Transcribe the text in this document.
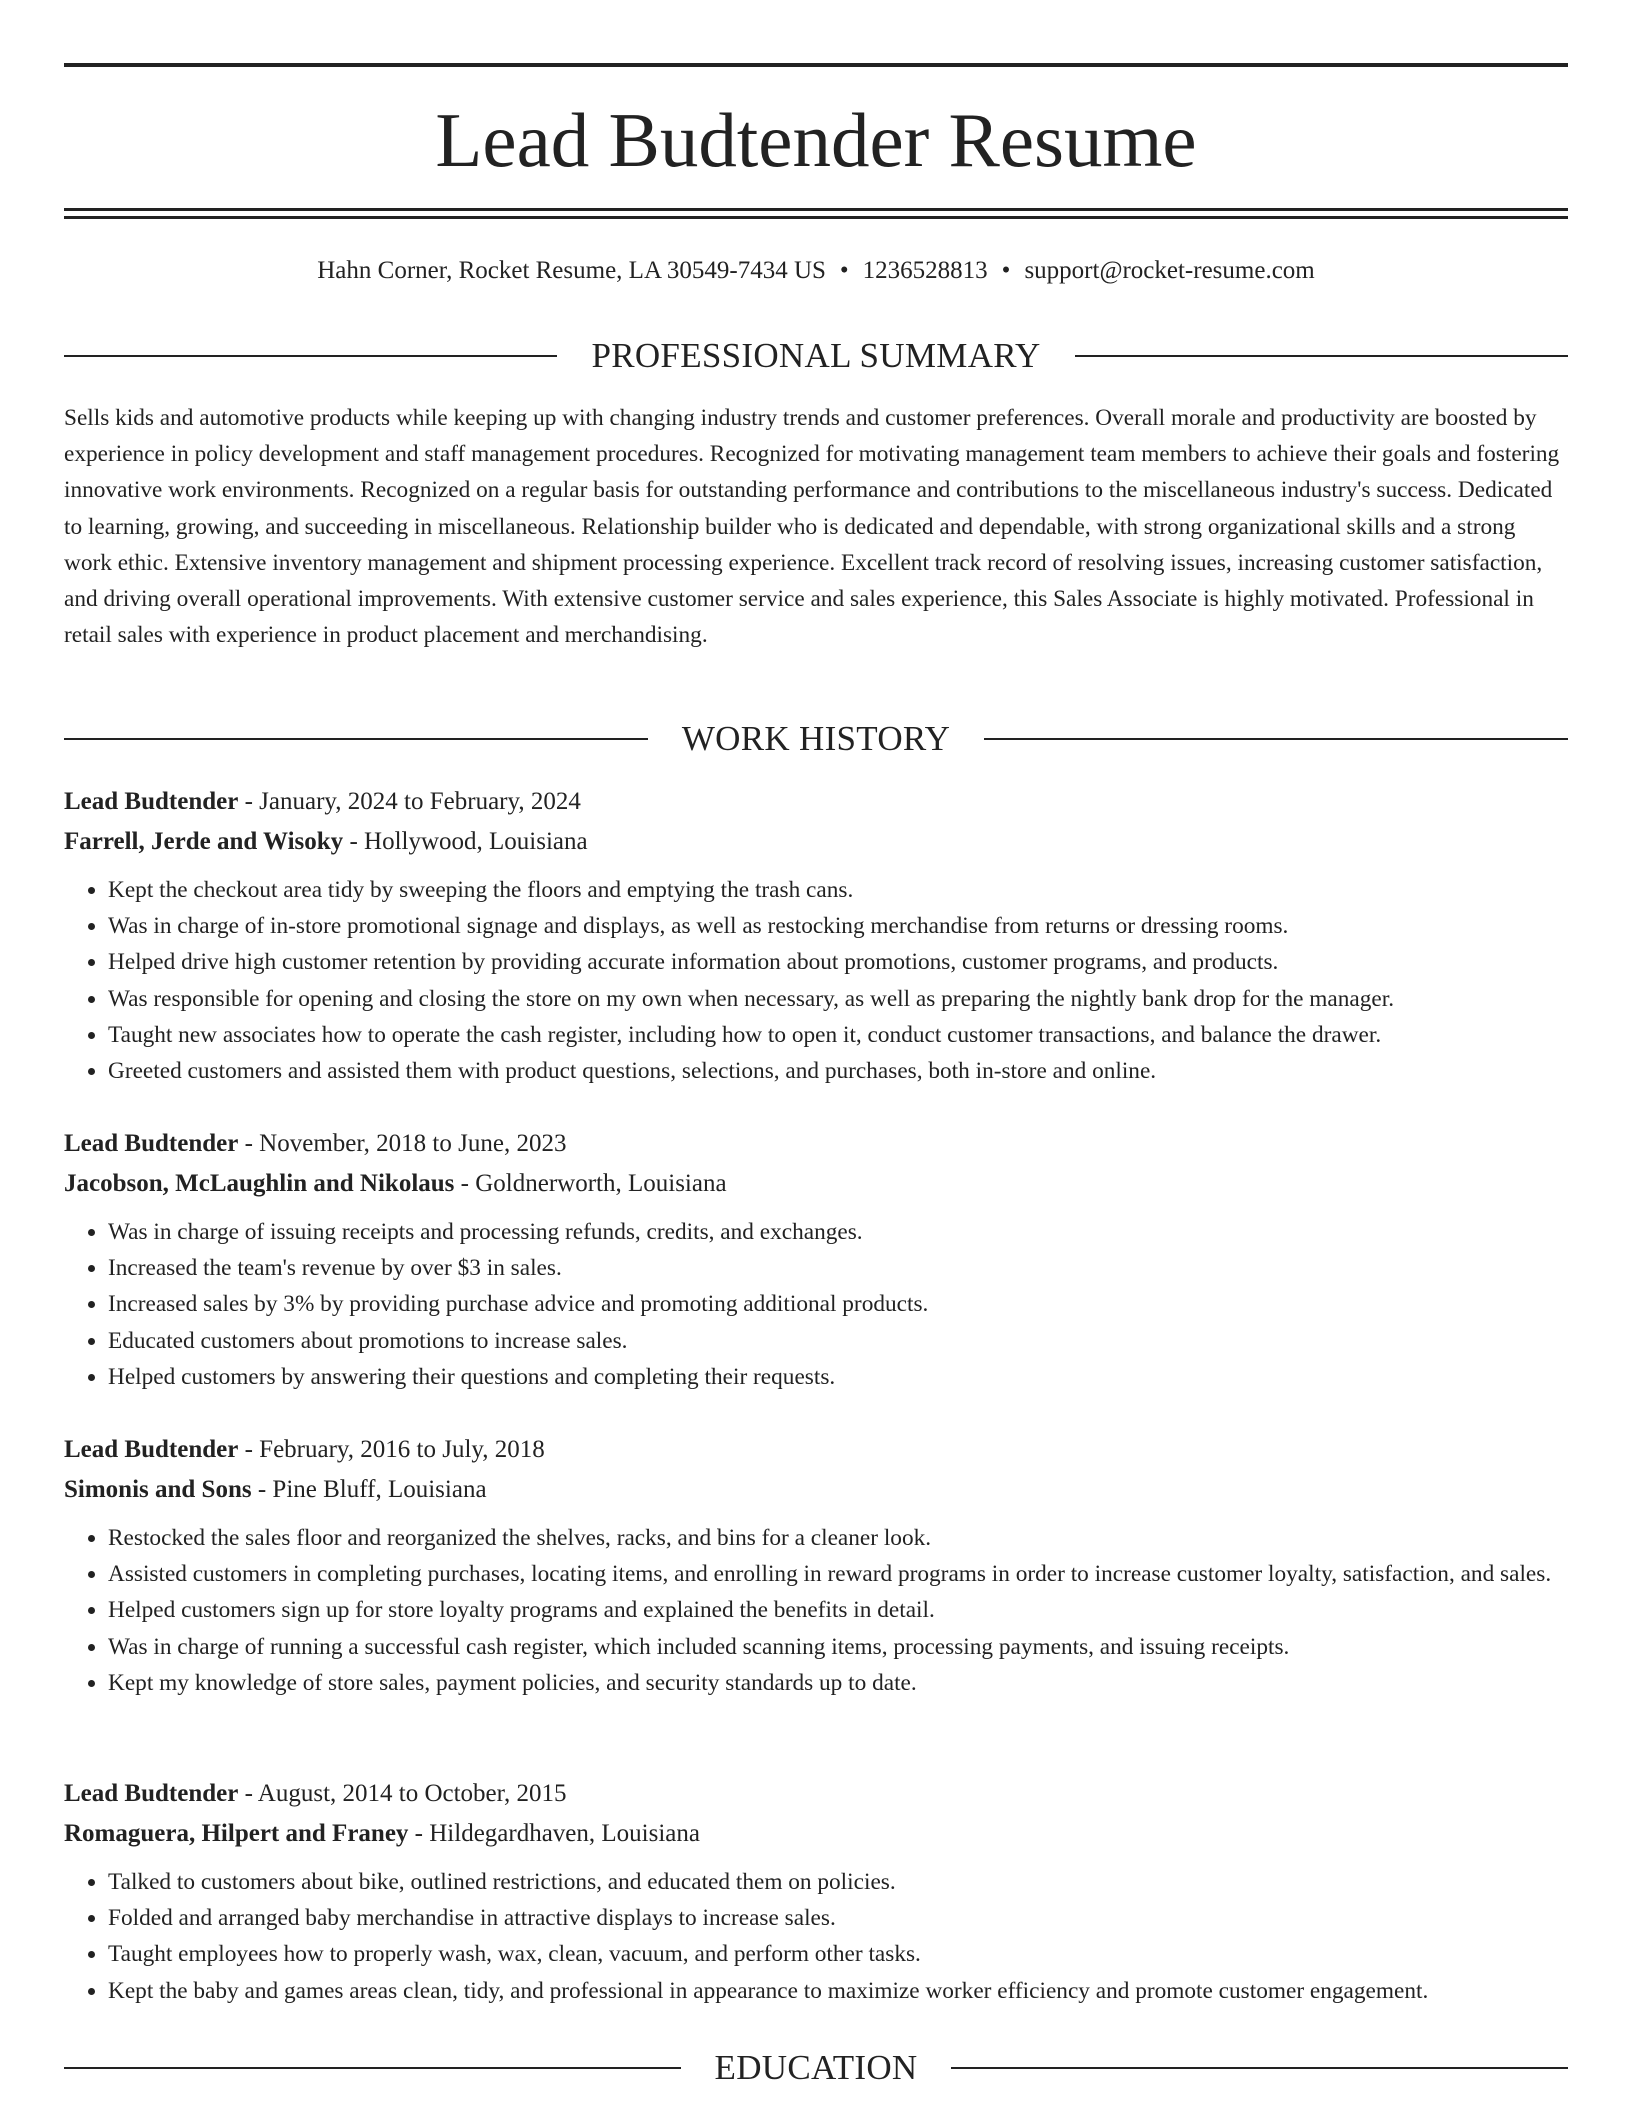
Lead Budtender Resume
Hahn Corner, Rocket Resume, LA 30549-7434 US • 1236528813 • support@rocket-resume.com
PROFESSIONAL SUMMARY

Sells kids and automotive products while keeping up with changing industry trends and customer preferences. Overall morale and productivity are boosted by experience in policy development and staff management procedures. Recognized for motivating management team members to achieve their goals and fostering innovative work environments. Recognized on a regular basis for outstanding performance and contributions to the miscellaneous industry's success. Dedicated to learning, growing, and succeeding in miscellaneous. Relationship builder who is dedicated and dependable, with strong organizational skills and a strong work ethic. Extensive inventory management and shipment processing experience. Excellent track record of resolving issues, increasing customer satisfaction, and driving overall operational improvements. With extensive customer service and sales experience, this Sales Associate is highly motivated. Professional in retail sales with experience in product placement and merchandising.

WORK HISTORY
Lead Budtender - January, 2024 to February, 2024
Farrell, Jerde and Wisoky - Hollywood, Louisiana
• Kept the checkout area tidy by sweeping the floors and emptying the trash cans.
• Was in charge of in-store promotional signage and displays, as well as restocking merchandise from returns or dressing rooms.
• Helped drive high customer retention by providing accurate information about promotions, customer programs, and products.
• Was responsible for opening and closing the store on my own when necessary, as well as preparing the nightly bank drop for the manager.
• Taught new associates how to operate the cash register, including how to open it, conduct customer transactions, and balance the drawer.
• Greeted customers and assisted them with product questions, selections, and purchases, both in-store and online.
Lead Budtender - November, 2018 to June, 2023
Jacobson, McLaughlin and Nikolaus - Goldnerworth, Louisiana
• Was in charge of issuing receipts and processing refunds, credits, and exchanges.
• Increased the team's revenue by over $3 in sales.
• Increased sales by 3% by providing purchase advice and promoting additional products.
• Educated customers about promotions to increase sales.
• Helped customers by answering their questions and completing their requests.
Lead Budtender - February, 2016 to July, 2018
Simonis and Sons - Pine Bluff, Louisiana
• Restocked the sales floor and reorganized the shelves, racks, and bins for a cleaner look.
• Assisted customers in completing purchases, locating items, and enrolling in reward programs in order to increase customer loyalty, satisfaction, and sales.
• Helped customers sign up for store loyalty programs and explained the benefits in detail.
• Was in charge of running a successful cash register, which included scanning items, processing payments, and issuing receipts.
• Kept my knowledge of store sales, payment policies, and security standards up to date.
Lead Budtender - August, 2014 to October, 2015
Romaguera, Hilpert and Franey - Hildegardhaven, Louisiana
• Talked to customers about bike, outlined restrictions, and educated them on policies.
• Folded and arranged baby merchandise in attractive displays to increase sales.
• Taught employees how to properly wash, wax, clean, vacuum, and perform other tasks.
• Kept the baby and games areas clean, tidy, and professional in appearance to maximize worker efficiency and promote customer engagement.
EDUCATION
